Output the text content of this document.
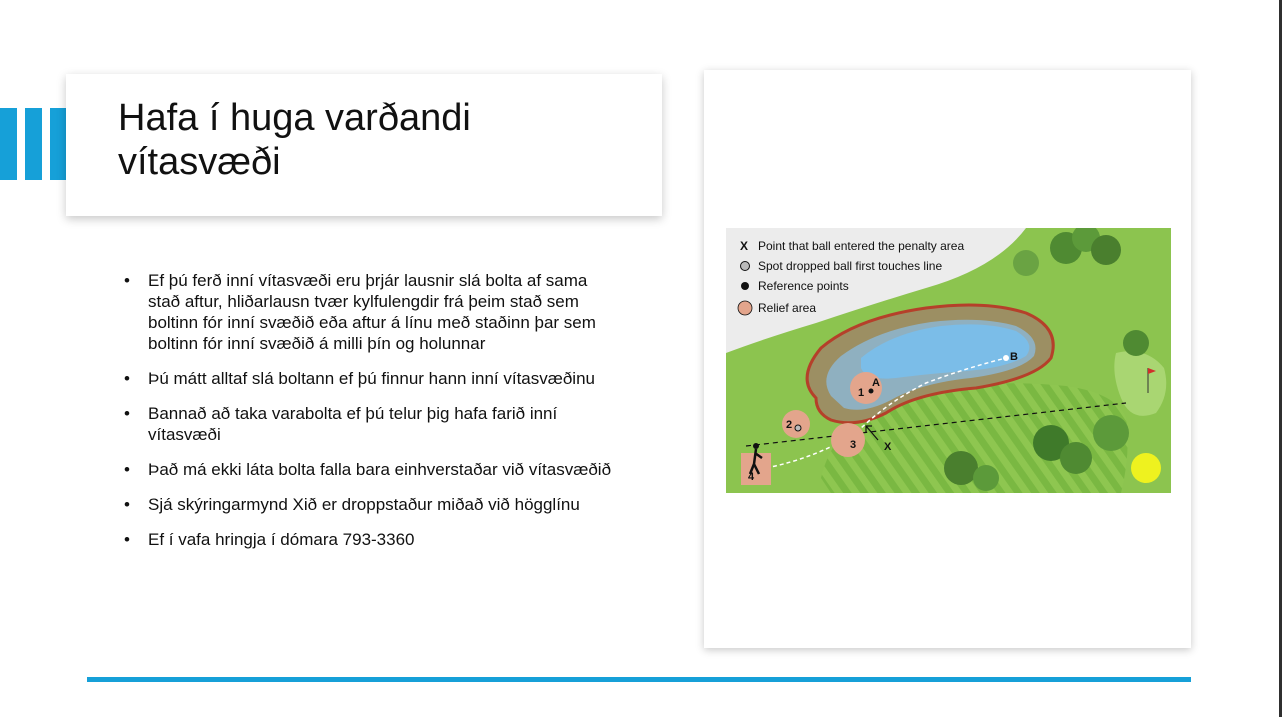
Hafa í huga varðandi vítasvæði
• Ef þú ferð inní vítasvæði eru þrjár lausnir slá bolta af sama stað aftur, hliðarlausn tvær kylfulengdir frá þeim stað sem boltinn fór inní svæðið eða aftur á línu með staðinn þar sem boltinn fór inní svæðið á milli þín og holunnar
• Þú mátt alltaf slá boltann ef þú finnur hann inní vítasvæðinu
• Bannað að taka varabolta ef þú telur þig hafa farið inní vítasvæði
• Það má ekki láta bolta falla bara einhverstaðar við vítasvæðið
• Sjá skýringarmynd Xið er droppstaður miðað við högglínu
• Ef í vafa hringja í dómara 793-3360
A
B
X
1
2
3
4
X Point that ball entered the penalty area
Spot dropped ball first touches line
Reference points
Relief area
